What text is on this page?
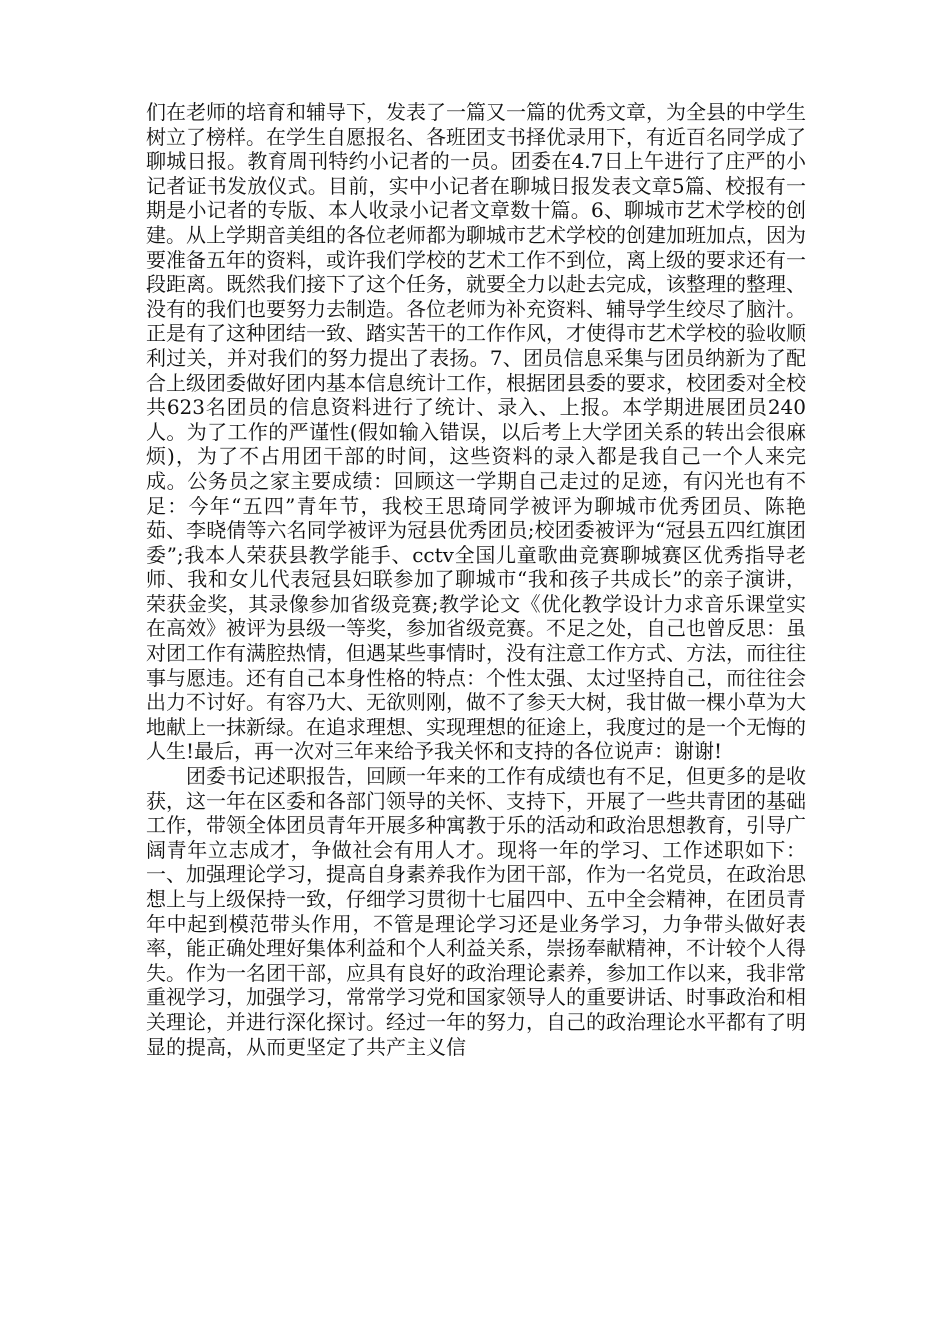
们在老师的培育和辅导下，发表了一篇又一篇的优秀文章，为全县的中学生树立了榜样。在学生自愿报名、各班团支书择优录用下，有近百名同学成了聊城日报。教育周刊特约小记者的一员。团委在4.7日上午进行了庄严的小记者证书发放仪式。目前，实中小记者在聊城日报发表文章5篇、校报有一期是小记者的专版、本人收录小记者文章数十篇。6、聊城市艺术学校的创建。从上学期音美组的各位老师都为聊城市艺术学校的创建加班加点，因为要准备五年的资料，或许我们学校的艺术工作不到位，离上级的要求还有一段距离。既然我们接下了这个任务，就要全力以赴去完成，该整理的整理、没有的我们也要努力去制造。各位老师为补充资料、辅导学生绞尽了脑汁。正是有了这种团结一致、踏实苦干的工作作风，才使得市艺术学校的验收顺利过关，并对我们的努力提出了表扬。7、团员信息采集与团员纳新为了配合上级团委做好团内基本信息统计工作，根据团县委的要求，校团委对全校共623名团员的信息资料进行了统计、录入、上报。本学期进展团员240人。为了工作的严谨性(假如输入错误，以后考上大学团关系的转出会很麻烦)，为了不占用团干部的时间，这些资料的录入都是我自己一个人来完成。公务员之家主要成绩：回顾这一学期自己走过的足迹，有闪光也有不足：今年“五四”青年节，我校王思琦同学被评为聊城市优秀团员、陈艳茹、李晓倩等六名同学被评为冠县优秀团员;校团委被评为“冠县五四红旗团委”;我本人荣获县教学能手、cctv全国儿童歌曲竞赛聊城赛区优秀指导老师、我和女儿代表冠县妇联参加了聊城市“我和孩子共成长”的亲子演讲，荣获金奖，其录像参加省级竞赛;教学论文《优化教学设计力求音乐课堂实在高效》被评为县级一等奖，参加省级竞赛。不足之处，自己也曾反思：虽对团工作有满腔热情，但遇某些事情时，没有注意工作方式、方法，而往往事与愿违。还有自己本身性格的特点：个性太强、太过坚持自己，而往往会出力不讨好。有容乃大、无欲则刚，做不了参天大树，我甘做一棵小草为大地献上一抹新绿。在追求理想、实现理想的征途上，我度过的是一个无悔的人生!最后，再一次对三年来给予我关怀和支持的各位说声：谢谢!

团委书记述职报告，回顾一年来的工作有成绩也有不足，但更多的是收获，这一年在区委和各部门领导的关怀、支持下，开展了一些共青团的基础工作，带领全体团员青年开展多种寓教于乐的活动和政治思想教育，引导广阔青年立志成才，争做社会有用人才。现将一年的学习、工作述职如下：一、加强理论学习，提高自身素养我作为团干部，作为一名党员，在政治思想上与上级保持一致，仔细学习贯彻十七届四中、五中全会精神，在团员青年中起到模范带头作用，不管是理论学习还是业务学习，力争带头做好表率，能正确处理好集体利益和个人利益关系，崇扬奉献精神，不计较个人得失。作为一名团干部，应具有良好的政治理论素养，参加工作以来，我非常重视学习，加强学习，常常学习党和国家领导人的重要讲话、时事政治和相关理论，并进行深化探讨。经过一年的努力，自己的政治理论水平都有了明显的提高，从而更坚定了共产主义信
